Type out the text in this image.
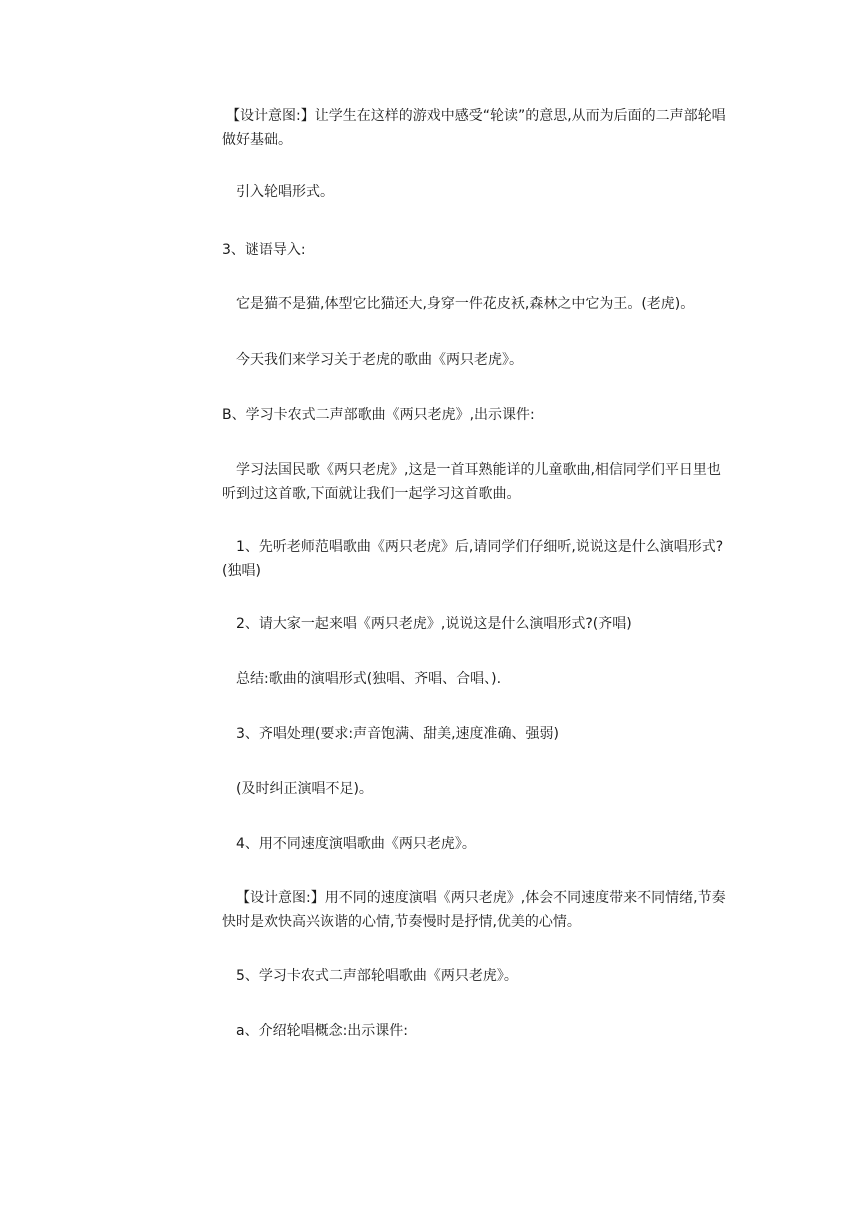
【设计意图:】让学生在这样的游戏中感受“轮读”的意思,从而为后面的二声部轮唱做好基础。

引入轮唱形式。

3、谜语导入:

它是猫不是猫,体型它比猫还大,身穿一件花皮袄,森林之中它为王。(老虎)。

今天我们来学习关于老虎的歌曲《两只老虎》。

B、学习卡农式二声部歌曲《两只老虎》,出示课件:

学习法国民歌《两只老虎》,这是一首耳熟能详的儿童歌曲,相信同学们平日里也听到过这首歌,下面就让我们一起学习这首歌曲。

1、先听老师范唱歌曲《两只老虎》后,请同学们仔细听,说说这是什么演唱形式?(独唱)

2、请大家一起来唱《两只老虎》,说说这是什么演唱形式?(齐唱)

总结:歌曲的演唱形式(独唱、齐唱、合唱、).

3、齐唱处理(要求:声音饱满、甜美,速度准确、强弱)

(及时纠正演唱不足)。

4、用不同速度演唱歌曲《两只老虎》。

【设计意图:】用不同的速度演唱《两只老虎》,体会不同速度带来不同情绪,节奏快时是欢快高兴诙谐的心情,节奏慢时是抒情,优美的心情。

5、学习卡农式二声部轮唱歌曲《两只老虎》。

a、介绍轮唱概念:出示课件:
